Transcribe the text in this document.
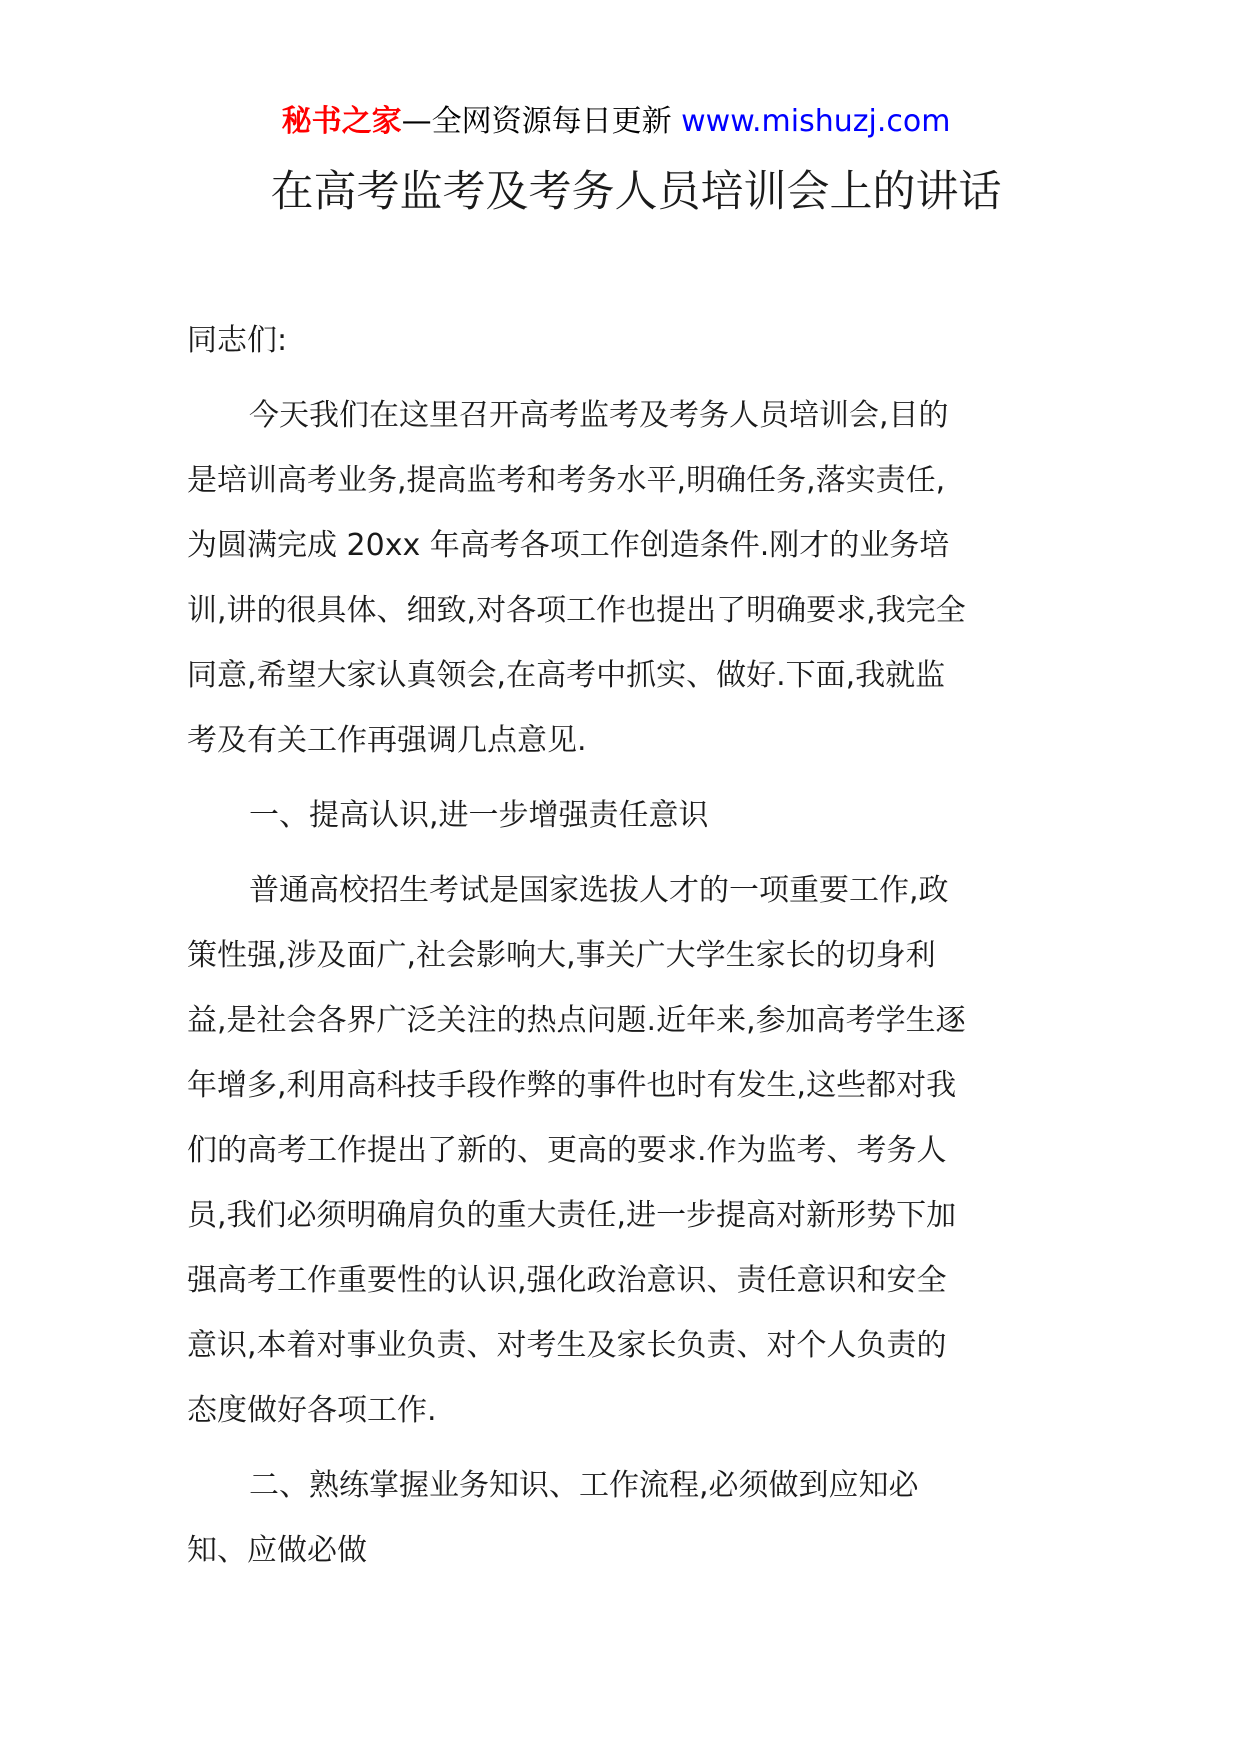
秘书之家—全网资源每日更新 www.mishuzj.com
在高考监考及考务人员培训会上的讲话
同志们:
今天我们在这里召开高考监考及考务人员培训会,目的
是培训高考业务,提高监考和考务水平,明确任务,落实责任,
为圆满完成 20xx 年高考各项工作创造条件.刚才的业务培
训,讲的很具体、细致,对各项工作也提出了明确要求,我完全
同意,希望大家认真领会,在高考中抓实、做好.下面,我就监
考及有关工作再强调几点意见.
一、提高认识,进一步增强责任意识
普通高校招生考试是国家选拔人才的一项重要工作,政
策性强,涉及面广,社会影响大,事关广大学生家长的切身利
益,是社会各界广泛关注的热点问题.近年来,参加高考学生逐
年增多,利用高科技手段作弊的事件也时有发生,这些都对我
们的高考工作提出了新的、更高的要求.作为监考、考务人
员,我们必须明确肩负的重大责任,进一步提高对新形势下加
强高考工作重要性的认识,强化政治意识、责任意识和安全
意识,本着对事业负责、对考生及家长负责、对个人负责的
态度做好各项工作.
二、熟练掌握业务知识、工作流程,必须做到应知必
知、应做必做
